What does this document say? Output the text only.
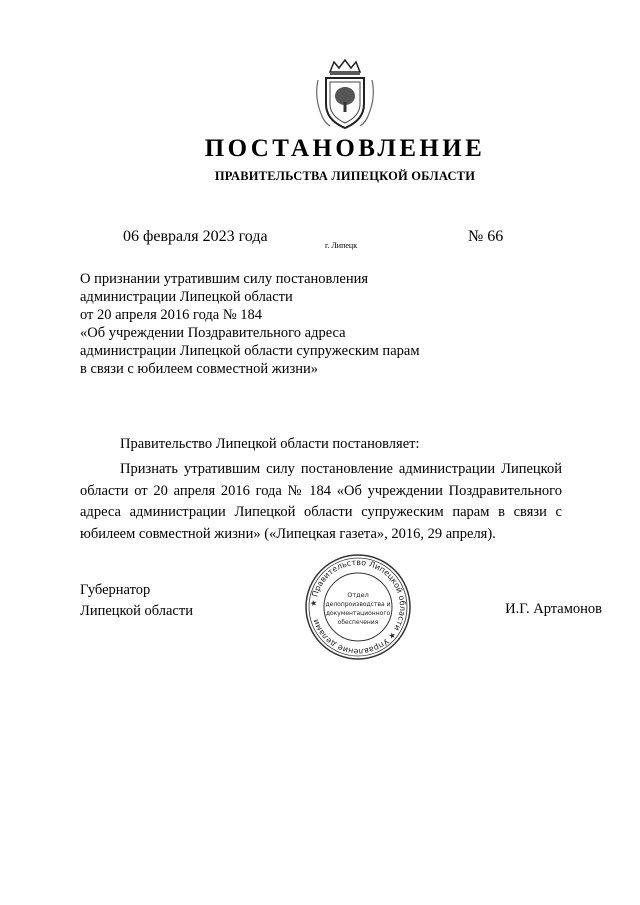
ПОСТАНОВЛЕНИЕ
ПРАВИТЕЛЬСТВА ЛИПЕЦКОЙ ОБЛАСТИ
06 февраля 2023 года
г. Липецк
№ 66
О признании утратившим силу постановления
администрации Липецкой области
от 20 апреля 2016 года № 184
«Об учреждении Поздравительного адреса
администрации Липецкой области супружеским парам
в связи с юбилеем совместной жизни»
Правительство Липецкой области постановляет:
Признать утратившим силу постановление администрации Липецкой области от 20 апреля 2016 года № 184 «Об учреждении Поздравительного адреса администрации Липецкой области супружеским парам в связи с юбилеем совместной жизни» («Липецкая газета», 2016, 29 апреля).
Губернатор
Липецкой области	И.Г. Артамонов
★ Правительство Липецкой области ★ Управление делами
Отдел
делопроизводства и
документационного
обеспечения
